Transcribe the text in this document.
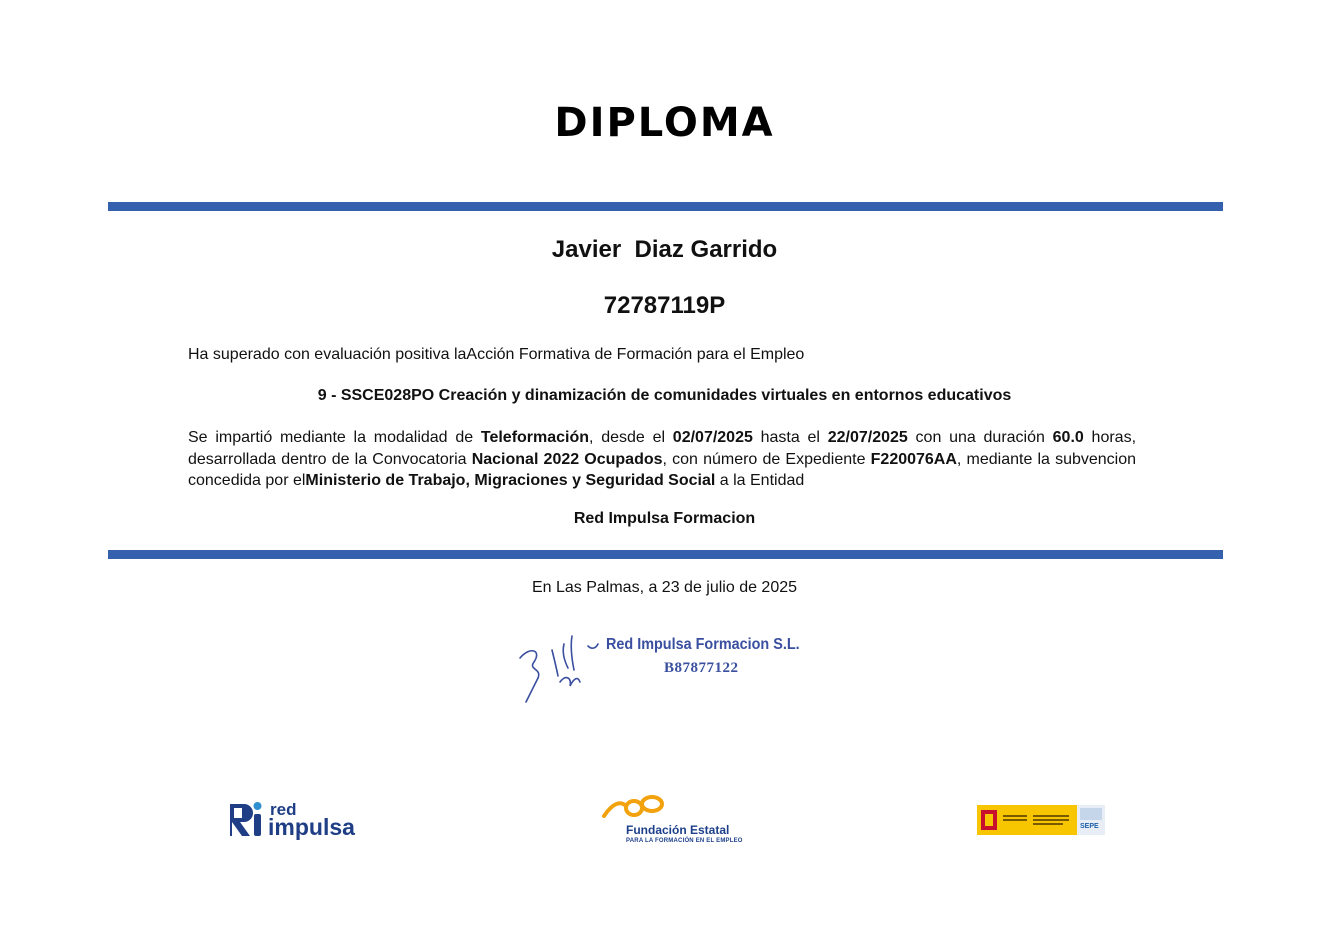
DIPLOMA
Javier  Diaz Garrido
72787119P
Ha superado con evaluación positiva laAcción Formativa de Formación para el Empleo
9 - SSCE028PO Creación y dinamización de comunidades virtuales en entornos educativos
Se impartió mediante la modalidad de Teleformación, desde el 02/07/2025 hasta el 22/07/2025 con una duración 60.0 horas, desarrollada dentro de la Convocatoria Nacional 2022 Ocupados, con número de Expediente F220076AA, mediante la subvencion concedida por elMinisterio de Trabajo, Migraciones y Seguridad Social a la Entidad
Red Impulsa Formacion
En Las Palmas, a 23 de julio de 2025
Red Impulsa Formacion S.L.
B87877122
red
impulsa	Fundación Estatal
PARA LA FORMACIÓN EN EL EMPLEO
SEPE
